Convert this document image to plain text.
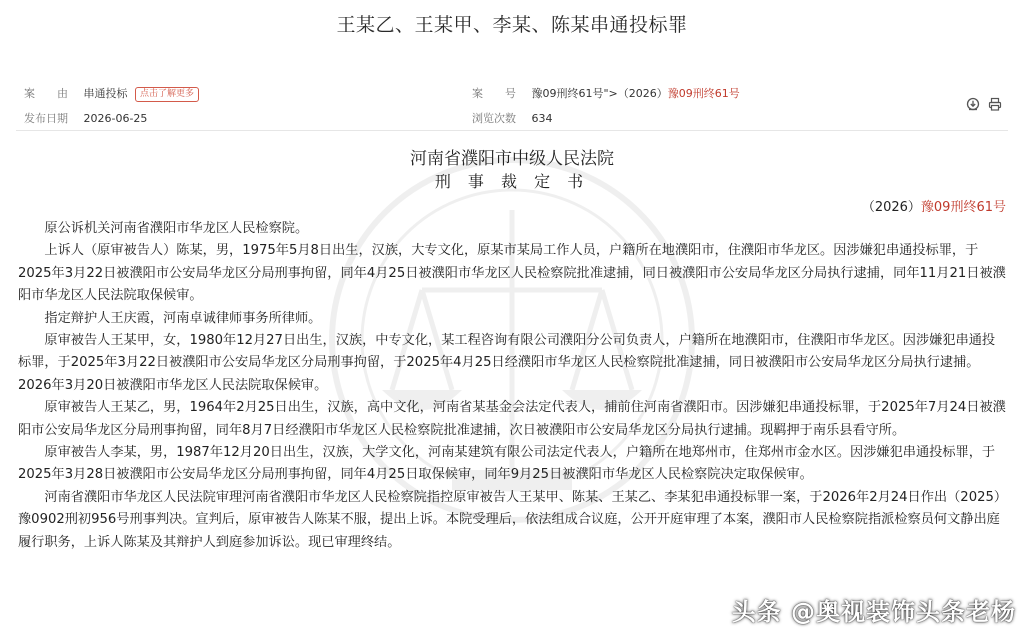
王某乙、王某甲、李某、陈某串通投标罪
案　　由 串通投标 点击了解更多	案　　号 豫09刑终61号">（2026）豫09刑终61号
发布日期 2026-06-25	浏览次数 634
河南省濮阳市中级人民法院
刑 事 裁 定 书
（2026）豫09刑终61号

原公诉机关河南省濮阳市华龙区人民检察院。

上诉人（原审被告人）陈某，男，1975年5月8日出生，汉族，大专文化，原某市某局工作人员，户籍所在地濮阳市，住濮阳市华龙区。因涉嫌犯串通投标罪，于2025年3月22日被濮阳市公安局华龙区分局刑事拘留，同年4月25日被濮阳市华龙区人民检察院批准逮捕，同日被濮阳市公安局华龙区分局执行逮捕，同年11月21日被濮阳市华龙区人民法院取保候审。

指定辩护人王庆霞，河南卓诚律师事务所律师。

原审被告人王某甲，女，1980年12月27日出生，汉族，中专文化，某工程咨询有限公司濮阳分公司负责人，户籍所在地濮阳市，住濮阳市华龙区。因涉嫌犯串通投标罪，于2025年3月22日被濮阳市公安局华龙区分局刑事拘留，于2025年4月25日经濮阳市华龙区人民检察院批准逮捕，同日被濮阳市公安局华龙区分局执行逮捕。2026年3月20日被濮阳市华龙区人民法院取保候审。

原审被告人王某乙，男，1964年2月25日出生，汉族，高中文化，河南省某基金会法定代表人，捕前住河南省濮阳市。因涉嫌犯串通投标罪，于2025年7月24日被濮阳市公安局华龙区分局刑事拘留，同年8月7日经濮阳市华龙区人民检察院批准逮捕，次日被濮阳市公安局华龙区分局执行逮捕。现羁押于南乐县看守所。

原审被告人李某，男，1987年12月20日出生，汉族，大学文化，河南某建筑有限公司法定代表人，户籍所在地郑州市，住郑州市金水区。因涉嫌犯串通投标罪，于2025年3月28日被濮阳市公安局华龙区分局刑事拘留，同年4月25日取保候审，同年9月25日被濮阳市华龙区人民检察院决定取保候审。

河南省濮阳市华龙区人民法院审理河南省濮阳市华龙区人民检察院指控原审被告人王某甲、陈某、王某乙、李某犯串通投标罪一案，于2026年2月24日作出（2025）豫0902刑初956号刑事判决。宣判后，原审被告人陈某不服，提出上诉。本院受理后，依法组成合议庭，公开开庭审理了本案，濮阳市人民检察院指派检察员何文静出庭履行职务，上诉人陈某及其辩护人到庭参加诉讼。现已审理终结。

头条 @奥视装饰头条老杨
